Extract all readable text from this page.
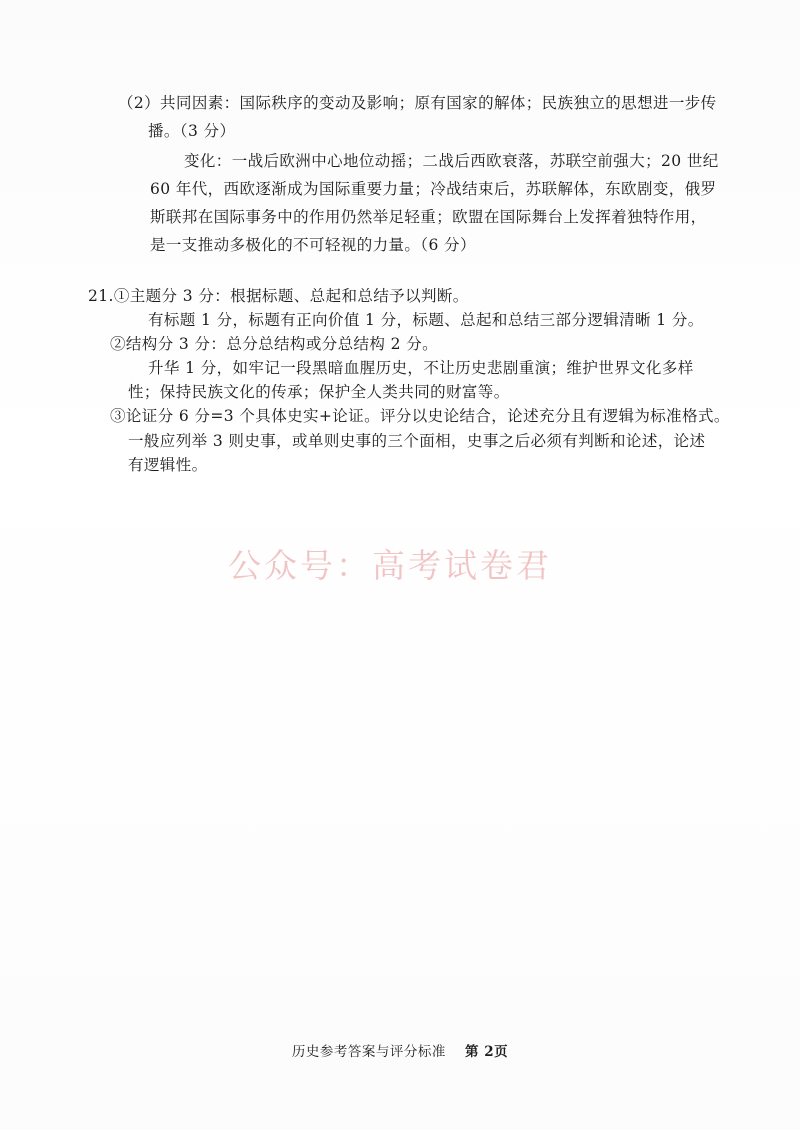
（2）共同因素：国际秩序的变动及影响；原有国家的解体；民族独立的思想进一步传
播。（3 分）
变化：一战后欧洲中心地位动摇；二战后西欧衰落，苏联空前强大；20 世纪
60 年代，西欧逐渐成为国际重要力量；冷战结束后，苏联解体，东欧剧变，俄罗
斯联邦在国际事务中的作用仍然举足轻重；欧盟在国际舞台上发挥着独特作用，
是一支推动多极化的不可轻视的力量。（6 分）
21.①主题分 3 分：根据标题、总起和总结予以判断。
有标题 1 分，标题有正向价值 1 分，标题、总起和总结三部分逻辑清晰 1 分。
②结构分 3 分：总分总结构或分总结构 2 分。
升华 1 分，如牢记一段黑暗血腥历史，不让历史悲剧重演；维护世界文化多样
性；保持民族文化的传承；保护全人类共同的财富等。
③论证分 6 分=3 个具体史实+论证。评分以史论结合，论述充分且有逻辑为标准格式。
一般应列举 3 则史事，或单则史事的三个面相，史事之后必须有判断和论述，论述
有逻辑性。
公众号：高考试卷君
历史参考答案与评分标准 第 2页
